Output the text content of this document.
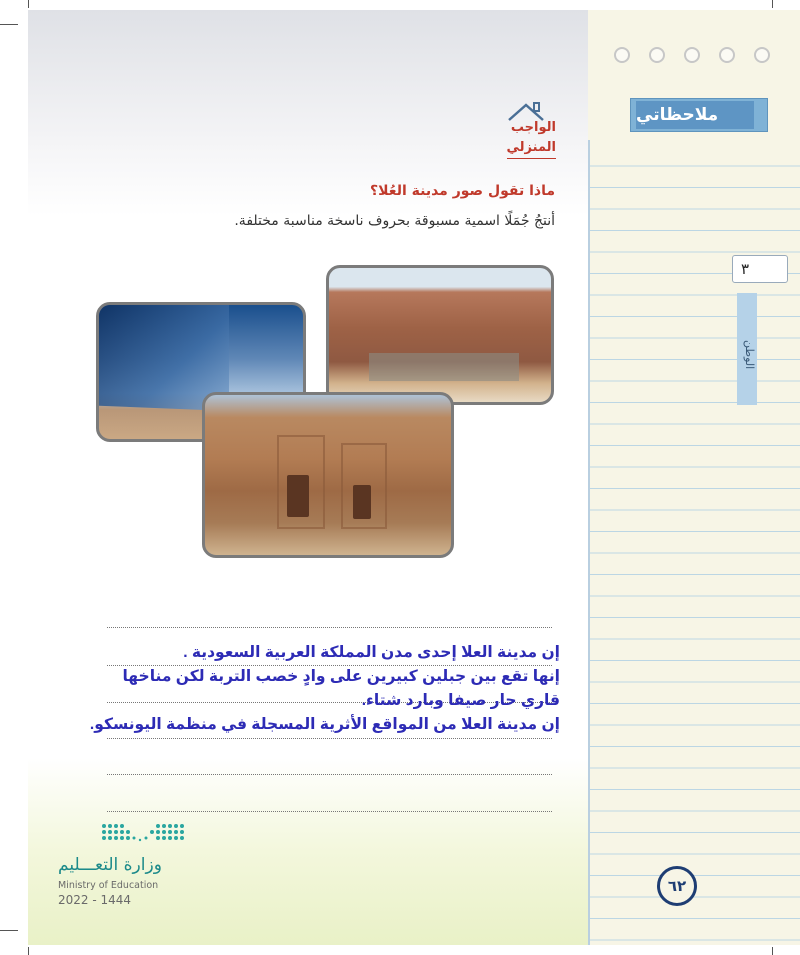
ملاحظاتي
٣
الوطن
٦٢
الواجب
المنزلي
ماذا تقول صور مدينة العُلا؟
أنتجُ جُمَلًا اسمية مسبوقة بحروف ناسخة مناسبة مختلفة.
إن مدينة العلا إحدى مدن المملكة العربية السعودية .
إنها تقع بين جبلين كبيرين على وادٍ خصب التربة لكن مناخها
قاري حار صيفا وبارد شتاء.
إن مدينة العلا من المواقع الأثرية المسجلة في منظمة اليونسكو.
وزارة التعـــليم
Ministry of Education
2022 - 1444
